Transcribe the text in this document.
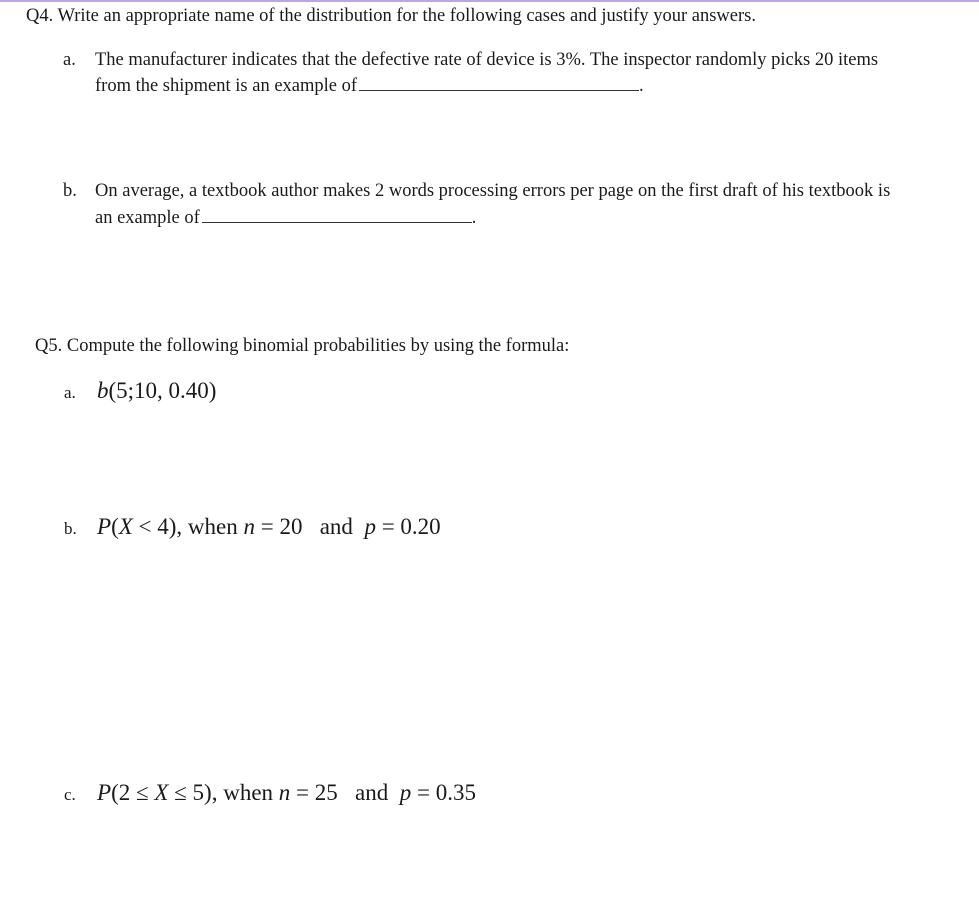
Q4. Write an appropriate name of the distribution for the following cases and justify your answers.
a. The manufacturer indicates that the defective rate of device is 3%. The inspector randomly picks 20 items
from the shipment is an example of	.
b. On average, a textbook author makes 2 words processing errors per page on the first draft of his textbook is
an example of	.
Q5. Compute the following binomial probabilities by using the formula:
a. b(5;10, 0.40)
b. P(X < 4), when n = 20   and  p = 0.20
c. P(2 ≤ X ≤ 5), when n = 25   and  p = 0.35
